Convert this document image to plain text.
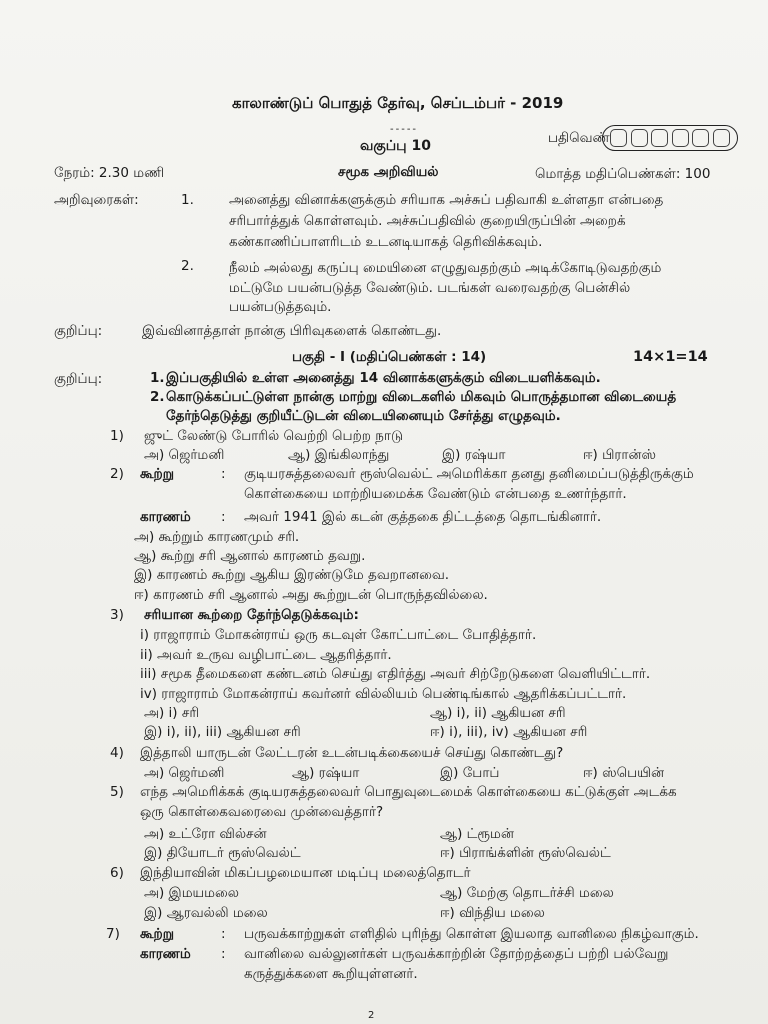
காலாண்டுப் பொதுத் தேர்வு, செப்டம்பர் - 2019
-----
வகுப்பு 10	பதிவெண்
நேரம்: 2.30 மணி	சமூக அறிவியல்	மொத்த மதிப்பெண்கள்: 100
அறிவுரைகள்:	1.	அனைத்து வினாக்களுக்கும் சரியாக அச்சுப் பதிவாகி உள்ளதா என்பதை
சரிபார்த்துக் கொள்ளவும். அச்சுப்பதிவில் குறையிருப்பின் அறைக்
கண்காணிப்பாளரிடம் உடனடியாகத் தெரிவிக்கவும்.
2.	நீலம் அல்லது கருப்பு மையினை எழுதுவதற்கும் அடிக்கோடிடுவதற்கும்
மட்டுமே பயன்படுத்த வேண்டும். படங்கள் வரைவதற்கு பென்சில்
பயன்படுத்தவும்.
குறிப்பு:	இவ்வினாத்தாள் நான்கு பிரிவுகளைக் கொண்டது.
பகுதி - I (மதிப்பெண்கள் : 14)	14×1=14
குறிப்பு:	1. இப்பகுதியில் உள்ள அனைத்து 14 வினாக்களுக்கும் விடையளிக்கவும்.
2. கொடுக்கப்பட்டுள்ள நான்கு மாற்று விடைகளில் மிகவும் பொருத்தமான விடையைத்
தேர்ந்தெடுத்து குறியீட்டுடன் விடையினையும் சேர்த்து எழுதவும்.
1) ஜுட் லேண்டு போரில் வெற்றி பெற்ற நாடு
அ) ஜெர்மனி	ஆ) இங்கிலாந்து	இ) ரஷ்யா	ஈ) பிரான்ஸ்
2) கூற்று	: குடியரசுத்தலைவர் ரூஸ்வெல்ட் அமெரிக்கா தனது தனிமைப்படுத்திருக்கும்
கொள்கையை மாற்றியமைக்க வேண்டும் என்பதை உணர்ந்தார்.
காரணம் : அவர் 1941 இல் கடன் குத்தகை திட்டத்தை தொடங்கினார்.
அ) கூற்றும் காரணமும் சரி.
ஆ) கூற்று சரி ஆனால் காரணம் தவறு.
இ) காரணம் கூற்று ஆகிய இரண்டுமே தவறானவை.
ஈ) காரணம் சரி ஆனால் அது கூற்றுடன் பொருந்தவில்லை.
3) சரியான கூற்றை தேர்ந்தெடுக்கவும்:
i) ராஜாராம் மோகன்ராய் ஒரு கடவுள் கோட்பாட்டை போதித்தார்.
ii) அவர் உருவ வழிபாட்டை ஆதரித்தார்.
iii) சமூக தீமைகளை கண்டனம் செய்து எதிர்த்து அவர் சிற்றேடுகளை வெளியிட்டார்.
iv) ராஜாராம் மோகன்ராய் கவர்னர் வில்லியம் பெண்டிங்கால் ஆதரிக்கப்பட்டார்.
அ) i) சரி	ஆ) i), ii) ஆகியன சரி
இ) i), ii), iii) ஆகியன சரி	ஈ) i), iii), iv) ஆகியன சரி
4) இத்தாலி யாருடன் லேட்டரன் உடன்படிக்கையைச் செய்து கொண்டது?
அ) ஜெர்மனி	ஆ) ரஷ்யா	இ) போப்	ஈ) ஸ்பெயின்
5) எந்த அமெரிக்கக் குடியரசுத்தலைவர் பொதுவுடைமைக் கொள்கையை கட்டுக்குள் அடக்க
ஒரு கொள்கைவரைவை முன்வைத்தார்?
அ) உட்ரோ வில்சன்	ஆ) ட்ரூமன்
இ) தியோடர் ரூஸ்வெல்ட்	ஈ) பிராங்க்ளின் ரூஸ்வெல்ட்
6) இந்தியாவின் மிகப்பழமையான மடிப்பு மலைத்தொடர்
அ) இமயமலை	ஆ) மேற்கு தொடர்ச்சி மலை
இ) ஆரவல்லி மலை	ஈ) விந்திய மலை
7) கூற்று	: பருவக்காற்றுகள் எளிதில் புரிந்து கொள்ள இயலாத வானிலை நிகழ்வாகும்.
காரணம் : வானிலை வல்லுனர்கள் பருவக்காற்றின் தோற்றத்தைப் பற்றி பல்வேறு
கருத்துக்களை கூறியுள்ளனர்.
2
